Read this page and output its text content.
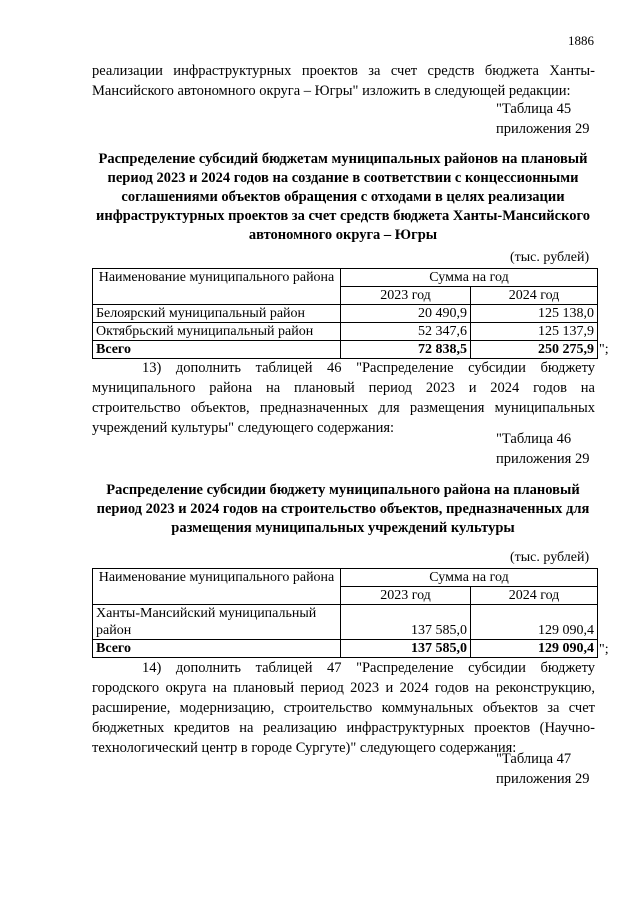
1886

реализации инфраструктурных проектов за счет средств бюджета Ханты-Мансийского автономного округа – Югры" изложить в следующей редакции:

"Таблица 45
приложения 29

Распределение субсидий бюджетам муниципальных районов на плановый период 2023 и 2024 годов на создание в соответствии с концессионными соглашениями объектов обращения с отходами в целях реализации инфраструктурных проектов за счет средств бюджета Ханты-Мансийского автономного округа – Югры

(тыс. рублей)
Наименование муниципального района	Сумма на год	
	2023 год	2024 год
Белоярский муниципальный район	20 490,9	125 138,0
Октябрьский муниципальный район	52 347,6	125 137,9
Всего	72 838,5	250 275,9 ";

13) дополнить таблицей 46 "Распределение субсидии бюджету муниципального района на плановый период 2023 и 2024 годов на строительство объектов, предназначенных для размещения муниципальных учреждений культуры" следующего содержания:

"Таблица 46
приложения 29

Распределение субсидии бюджету муниципального района на плановый период 2023 и 2024 годов на строительство объектов, предназначенных для размещения муниципальных учреждений культуры

(тыс. рублей)
Наименование муниципального района	Сумма на год	
	2023 год	2024 год
Ханты-Мансийский муниципальный район	137 585,0	129 090,4
Всего	137 585,0	129 090,4 ";

14) дополнить таблицей 47 "Распределение субсидии бюджету городского округа на плановый период 2023 и 2024 годов на реконструкцию, расширение, модернизацию, строительство коммунальных объектов за счет бюджетных кредитов на реализацию инфраструктурных проектов (Научно-технологический центр в городе Сургуте)" следующего содержания:

"Таблица 47
приложения 29
